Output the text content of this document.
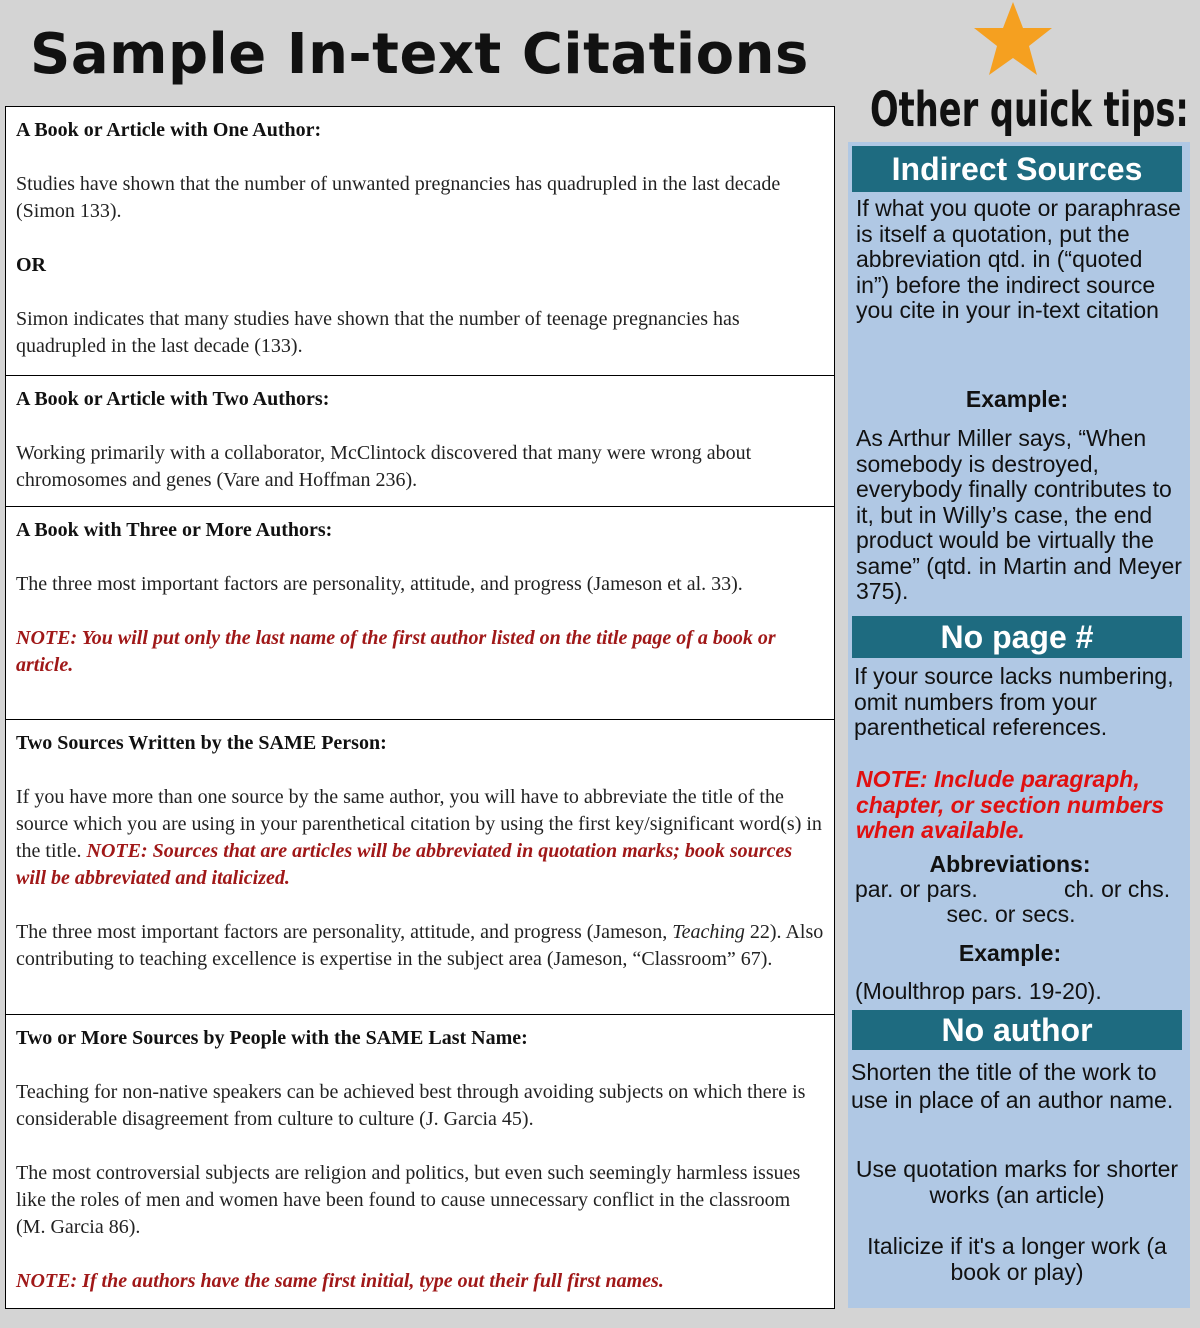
Sample In-text Citations
A Book or Article with One Author:
Studies have shown that the number of unwanted pregnancies has quadrupled in the last decade (Simon 133).
OR
Simon indicates that many studies have shown that the number of teenage pregnancies has quadrupled in the last decade (133).
A Book or Article with Two Authors:
Working primarily with a collaborator, McClintock discovered that many were wrong about chromosomes and genes (Vare and Hoffman 236).
A Book with Three or More Authors:
The three most important factors are personality, attitude, and progress (Jameson et al. 33).
NOTE: You will put only the last name of the first author listed on the title page of a book or article.
Two Sources Written by the SAME Person:
If you have more than one source by the same author, you will have to abbreviate the title of the source which you are using in your parenthetical citation by using the first key/significant word(s) in the title. NOTE: Sources that are articles will be abbreviated in quotation marks; book sources will be abbreviated and italicized.
The three most important factors are personality, attitude, and progress (Jameson, Teaching 22). Also contributing to teaching excellence is expertise in the subject area (Jameson, “Classroom” 67).
Two or More Sources by People with the SAME Last Name:
Teaching for non-native speakers can be achieved best through avoiding subjects on which there is considerable disagreement from culture to culture (J. Garcia 45).
The most controversial subjects are religion and politics, but even such seemingly harmless issues like the roles of men and women have been found to cause unnecessary conflict in the classroom (M. Garcia 86).
NOTE: If the authors have the same first initial, type out their full first names.
Other quick tips:
Indirect Sources
If what you quote or paraphrase is itself a quotation, put the abbreviation qtd. in (“quoted in”) before the indirect source you cite in your in-text citation
Example:
As Arthur Miller says, “When somebody is destroyed, everybody finally contributes to it, but in Willy’s case, the end product would be virtually the same” (qtd. in Martin and Meyer 375).
No page #
If your source lacks numbering, omit numbers from your parenthetical references.
NOTE: Include paragraph, chapter, or section numbers when available.
Abbreviations:
par. or pars.	ch. or chs.
sec. or secs.
Example:
(Moulthrop pars. 19-20).
No author
Shorten the title of the work to use in place of an author name.
Use quotation marks for shorter works (an article)
Italicize if it's a longer work (a book or play)
